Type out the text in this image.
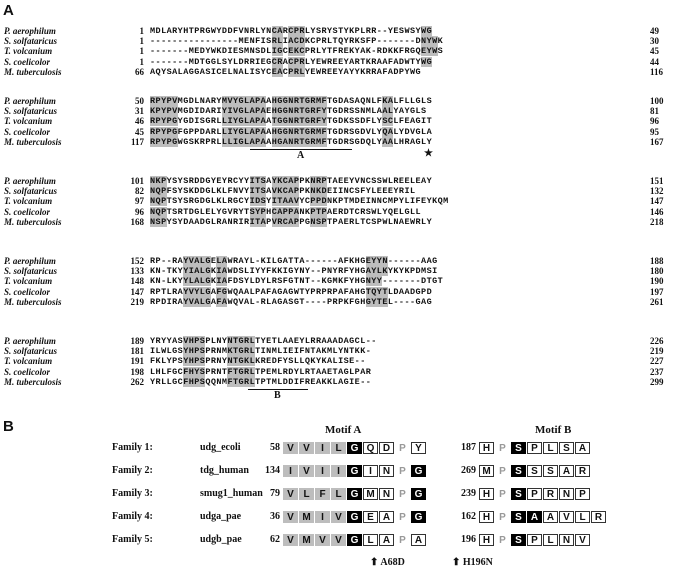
A
P. aerophilum	1 MDLARYHTPRGWYDDFVNRLYNCARCPRLYSRYSTYKPLRR--YESWSYWG	49
S. solfataricus	1 ----------------MENFISRLIACDKCPRLTQYRKSFP-------DNYWK	30
T. volcanium	1 -------MEDYWKDIESMNSDLIGCEKCPRLYTFREKYAK-RDKKFRGQEYWS	45
S. coelicolor	1 -------MDTGGLSYLDRRIEGCRACPRLYEWREEYARTKRAAFADWTYWG	44
M. tuberculosis	66 AQYSALAGGASICELNALISYCEACPRLYEWREEYAYYKRRAFADPYWG	116
P. aerophilum	50 RPYPVMGDLNARYMVYGLAPAAHGGNRTGRMFTGDASAQNLFKALFLLGLS	100
S. solfataricus	31 KPYPVMGDIDARIYIVGLAPAEHGGNRTGRFYTGDRSSNMLAALYAYGLS	81
T. volcanium	46 RPYPGYGDISGRLLIYGLAPAATGGNRTGRFYTGDKSSDFLYSCLFEAGIT	96
S. coelicolor	45 RPYPGFGPPDARLLIYGLAPAAHGGNRTGRMFTGDRSGDVLYQALYDVGLA	95
M. tuberculosis	117 RPYPGWGSKRPRLLLIGLAPAAHGANRTGRMFTGDRSGDQLYAALHRAGLY	167
A	★
P. aerophilum	101 NKPYSYSRDDGYEYRCYYITSAYKCAPPKNRPTAEEYVNCSSWLREELEAY	151
S. solfataricus	82 NQPFSYSKDDGLKLFNVYITSAVKCAPPKNKDEIINCSFYLEEEYRIL	132
T. volcanium	97 NQPTSYSRGDGLKLRGCYIDSYITAAVYCPPDNKPTMDEINNCMPYLIFEYKQM	147
S. coelicolor	96 NQPTSRTDGLELYGVRYTSYPHCAPPANKPTPAERDTCRSWLYQELGLL	146
M. tuberculosis	168 NSPYSYDAADGLRANRIRITAPVRCAPPGNSPTPAERLTCSPWLNAEWRLY	218
P. aerophilum	152 RP--RAYVALGELAWRAYL-KILGATTA------AFKHGEYYN------AAG	188
S. solfataricus	133 KN-TKYYIALGKIAWDSLIYYFKKIGYNY--PNYRFYHGAYLKYKYKPDMSI	180
T. volcanium	148 KN-LKYYLALGKIAFDSYLDYLRSFGTNT--KGMKFYHGNYY-------DTGT	190
S. coelicolor	147 RPTLRAYVYLGAFGWQAALPAFAGAGWTYPRPRPAFAHGTQYTLDAADGPD	197
M. tuberculosis	219 RPDIRAYVALGAFAWQVAL-RLAGASGT----PRPKFGHGYTEL----GAG	261
P. aerophilum	189 YRYYASVHPSPLNYNTGRLTYETLAAEYLRRAAADAGCL--	226
S. solfataricus	181 ILWLGSYHPSPRNMKTGRLTINMLIEIFNTAKMLYNTKK-	219
T. volcanium	191 FKLYPSYHPSPRNYNTGKLKREDFYSLLQKYKALISE--	227
S. coelicolor	198 LHLFGCFHYSPRNTFTGRLTPEMLRDYLRTAAETAGLPAR	237
M. tuberculosis	262 YRLLGCFHPSQQNMFTGRLTPTMLDDIFREAKKLAGIE--	299
B
B	Motif A	Motif B
Family 1:	udg_ecoli	58 V V	I	L G Q D P Y	187 H P S P L S A
Family 2:	tdg_human	134 I	V	I	I	G	I	N P G	269 M P S S S A R
Family 3:	smug1_human 79 V L F L G M N P G	239 H P S P R N P
Family 4:	udga_pae	36 V M	I	V G E A P G	162 H P S A A V L R
Family 5:	udgb_pae	62 V M V V G L A P A	196 H P S P L N V
⬆ A68D	⬆ H196N
